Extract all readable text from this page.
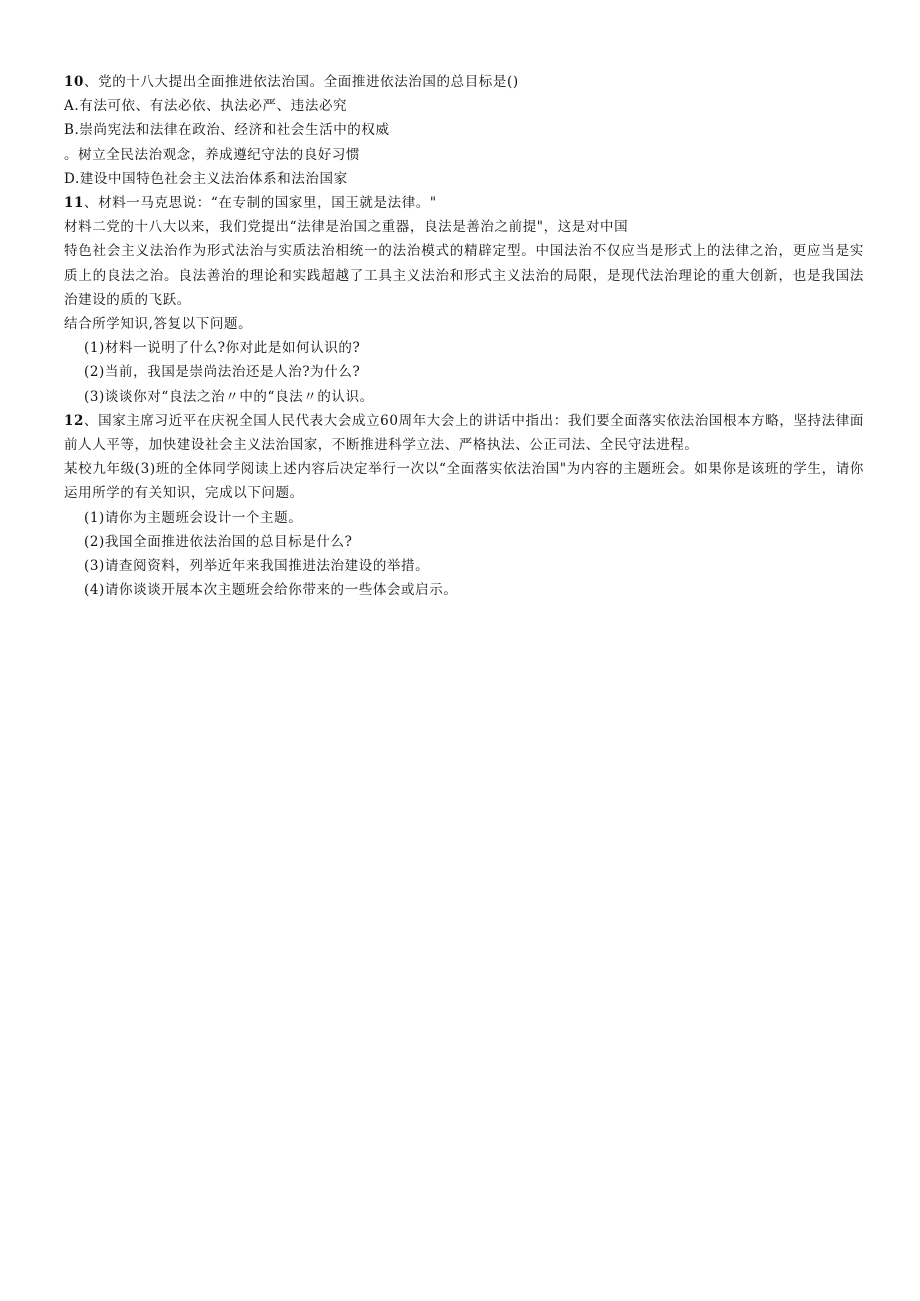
10、党的十八大提出全面推进依法治国。全面推进依法治国的总目标是()
A.有法可依、有法必依、执法必严、违法必究
B.崇尚宪法和法律在政治、经济和社会生活中的权威
。树立全民法治观念，养成遵纪守法的良好习惯
D.建设中国特色社会主义法治体系和法治国家
11、材料一马克思说：“在专制的国家里，国王就是法律。"
材料二党的十八大以来，我们党提出“法律是治国之重器，良法是善治之前提"，这是对中国
特色社会主义法治作为形式法治与实质法治相统一的法治模式的精辟定型。中国法治不仅应当是形式上的法律之治，更应当是实质上的良法之治。良法善治的理论和实践超越了工具主义法治和形式主义法治的局限，是现代法治理论的重大创新，也是我国法治建设的质的飞跃。
结合所学知识,答复以下问题。
(1)材料一说明了什么?你对此是如何认识的?
(2)当前，我国是崇尚法治还是人治?为什么?
(3)谈谈你对“良法之治〃中的“良法〃的认识。
12、国家主席习近平在庆祝全国人民代表大会成立60周年大会上的讲话中指出：我们要全面落实依法治国根本方略，坚持法律面前人人平等，加快建设社会主义法治国家，不断推进科学立法、严格执法、公正司法、全民守法进程。
某校九年级(3)班的全体同学阅读上述内容后决定举行一次以“全面落实依法治国"为内容的主题班会。如果你是该班的学生，请你运用所学的有关知识，完成以下问题。
(1)请你为主题班会设计一个主题。
(2)我国全面推进依法治国的总目标是什么?
(3)请查阅资料，列举近年来我国推进法治建设的举措。
(4)请你谈谈开展本次主题班会给你带来的一些体会或启示。
